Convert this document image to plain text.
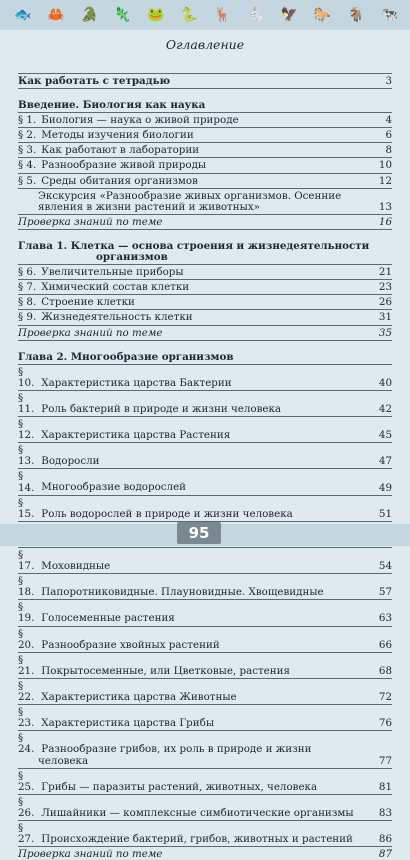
🐟 🦀 🐊 🦎 🐸 🐍 🦌 🐇 🦅 🐎 🐐 🐄
Оглавление
Как работать с тетрадью	3
Введение. Биология как наука
§ 1. Биология — наука о живой природе	4
§ 2. Методы изучения биологии	6
§ 3. Как работают в лаборатории	8
§ 4. Разнообразие живой природы	10
§ 5. Среды обитания организмов	12
Экскурсия «Разнообразие живых организмов. Осенние
явления в жизни растений и животных»	13
Проверка знаний по теме	16
Глава 1. Клетка — основа строения и жизнедеятельности
организмов
§ 6. Увеличительные приборы	21
§ 7. Химический состав клетки	23
§ 8. Строение клетки	26
§ 9. Жизнедеятельность клетки	31
Проверка знаний по теме	35
Глава 2. Многообразие организмов
§ 10. Характеристика царства Бактерии	40
§ 11. Роль бактерий в природе и жизни человека	42
§ 12. Характеристика царства Растения	45
§ 13. Водоросли	47
§ 14. Многообразие водорослей	49
§ 15. Роль водорослей в природе и жизни человека	51
§ 17. Моховидные	54
§ 18. Папоротниковидные. Плауновидные. Хвощевидные	57
§ 19. Голосеменные растения	63
§ 20. Разнообразие хвойных растений	66
§ 21. Покрытосеменные, или Цветковые, растения	68
§ 22. Характеристика царства Животные	72
§ 23. Характеристика царства Грибы	76
§ 24. Разнообразие грибов, их роль в природе и жизни
человека	77
§ 25. Грибы — паразиты растений, животных, человека	81
§ 26. Лишайники — комплексные симбиотические организмы	83
§ 27. Происхождение бактерий, грибов, животных и растений	86
Проверка знаний по теме	87
95
